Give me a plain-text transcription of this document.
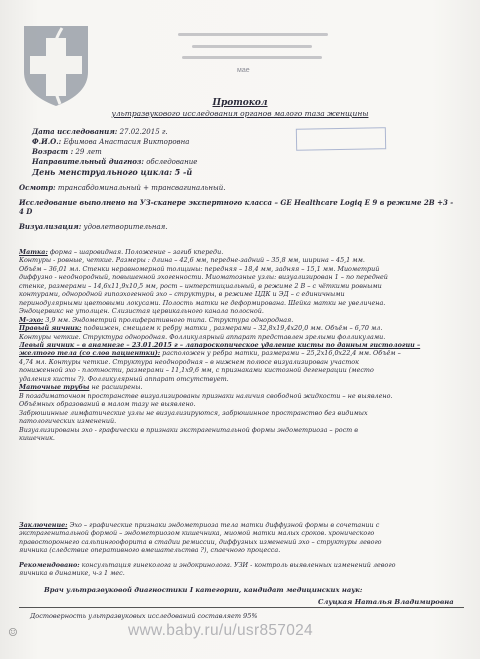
мае
Протокол
ультразвукового исследования органов малого таза женщины
Дата исследования: 27.02.2015 г.
Ф.И.О.: Ефимова Анастасия Викторовна
Возраст : 29 лет
Направительный диагноз: обследование
День менструального цикла: 5 -й
Осмотр: трансабдоминальный + трансвагинальный.
Исследование выполнено на УЗ-сканере экспертного класса – GE Healthcare Logiq E 9 в режиме 2В +3 -
4 D
Визуализация: удовлетворительная.
Матка: форма – шаровидная. Положение – загиб кпереди.
Контуры - ровные, четкие. Размеры : длина – 42,6 мм, передне-задний – 35,8 мм, ширина – 45,1 мм.
Объём – 36,01 мл. Стенки неравномерной толщины: передняя – 18,4 мм, задняя – 15,1 мм. Миометрий
диффузно - неоднородный, повышенной эхогенности. Миоматозные узлы: визуализирован 1 – по передней
стенке, размерами – 14,6х11,9х10,5 мм, рост – интерстициальный, в режиме 2 В – с чёткими ровными
контурами, однородной гипоэхогенной эхо – структуры, в режиме ЦДК и ЭД – с единичными
перинодулярными цветовыми локусами. Полость матки не деформирована. Шейка матки не увеличена.
Эндоцервикс не утолщен. Слизистая цервикального канала полосной.
М-эхо: 3,9 мм. Эндометрий пролиферативного типа. Структура однородная.
Правый яичник: подвижен, смещаем к ребру матки , размерами – 32,8х19,4х20,0 мм. Объём – 6,70 мл.
Контуры четкие. Структура однородная. Фолликулярный аппарат представлен зрелыми фолликулами.
Левый яичник – в анамнезе – 23.01.2015 г – лапароскопическое удаление кисты по данным гистологии –
желтого тела (со слов пациентки): расположен у ребра матки, размерами – 25,2х16,0х22,4 мм. Объём –
4,74 мл. Контуры четкие. Структура неоднородная – в нижнем полюсе визуализирован участок
пониженной эхо - плотности, размерами – 11,1х9,6 мм, с признаками кистозной дегенерации (место
удаления кисты ?). Фолликулярный аппарат отсутствует.
Маточные трубы не расширены.
В позадиматочном пространстве визуализированы признаки наличия свободной жидкости – не выявлено.
Объёмных образований в малом тазу не выявлено.
Забрюшинные лимфатические узлы не визуализируются, забрюшинное пространство без видимых
патологических изменений.
Визуализированы эхо - графически в признаки экстрагенитальной формы эндометриоза – рост в
кишечник.
Заключение: Эхо – графические признаки эндометриоза тела матки диффузной формы в сочетании с
экстрагенитальной формой – эндометриозом кишечника, миомой матки малых сроков. хронического
правостороннего сальпингоофорита в стадии ремиссии, диффузных изменений эхо – структуры левого
яичника (следствие оперативного вмешательства ?), спаечного процесса.
Рекомендовано: консультация гинеколога и эндокринолога. УЗИ - контроль выявленных изменений левого
яичника в динамике, ч-з 1 мес.
Врач ультразвуковой диагностики I категории, кандидат медицинских наук:
Слуцкая Наталья Владимировна
Достоверность ультразвуковых исследований составляет 95%
☺	www.baby.ru/u/usr857024
